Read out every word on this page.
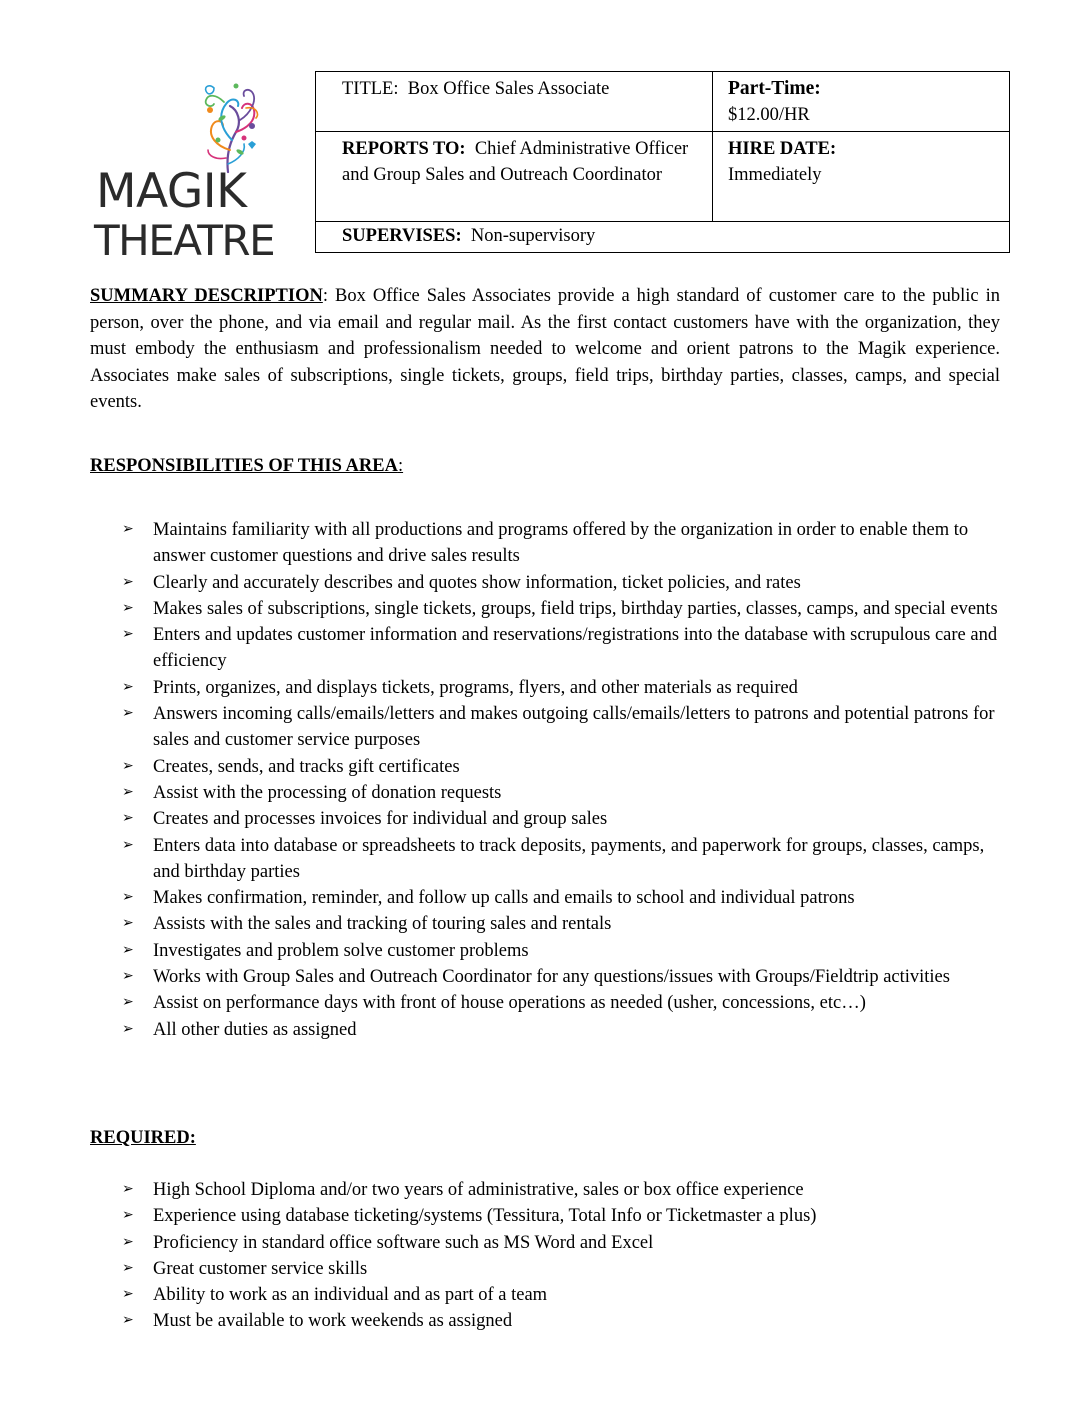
MAGIK
THEATRE
TITLE: Box Office Sales Associate	Part-Time:
$12.00/HR
REPORTS TO: Chief Administrative Officer and Group Sales and Outreach Coordinator
HIRE DATE:
Immediately
SUPERVISES: Non-supervisory
SUMMARY DESCRIPTION: Box Office Sales Associates provide a high standard of customer care to the public in person, over the phone, and via email and regular mail. As the first contact customers have with the organization, they must embody the enthusiasm and professionalism needed to welcome and orient patrons to the Magik experience. Associates make sales of subscriptions, single tickets, groups, field trips, birthday parties, classes, camps, and special events.
RESPONSIBILITIES OF THIS AREA:
➢ Maintains familiarity with all productions and programs offered by the organization in order to enable them to answer customer questions and drive sales results
➢ Clearly and accurately describes and quotes show information, ticket policies, and rates
➢ Makes sales of subscriptions, single tickets, groups, field trips, birthday parties, classes, camps, and special events
➢ Enters and updates customer information and reservations/registrations into the database with scrupulous care and efficiency
➢ Prints, organizes, and displays tickets, programs, flyers, and other materials as required
➢ Answers incoming calls/emails/letters and makes outgoing calls/emails/letters to patrons and potential patrons for sales and customer service purposes
➢ Creates, sends, and tracks gift certificates
➢ Assist with the processing of donation requests
➢ Creates and processes invoices for individual and group sales
➢ Enters data into database or spreadsheets to track deposits, payments, and paperwork for groups, classes, camps, and birthday parties
➢ Makes confirmation, reminder, and follow up calls and emails to school and individual patrons
➢ Assists with the sales and tracking of touring sales and rentals
➢ Investigates and problem solve customer problems
➢ Works with Group Sales and Outreach Coordinator for any questions/issues with Groups/Fieldtrip activities
➢ Assist on performance days with front of house operations as needed (usher, concessions, etc…)
➢ All other duties as assigned
REQUIRED:
➢ High School Diploma and/or two years of administrative, sales or box office experience
➢ Experience using database ticketing/systems (Tessitura, Total Info or Ticketmaster a plus)
➢ Proficiency in standard office software such as MS Word and Excel
➢ Great customer service skills
➢ Ability to work as an individual and as part of a team
➢ Must be available to work weekends as assigned
